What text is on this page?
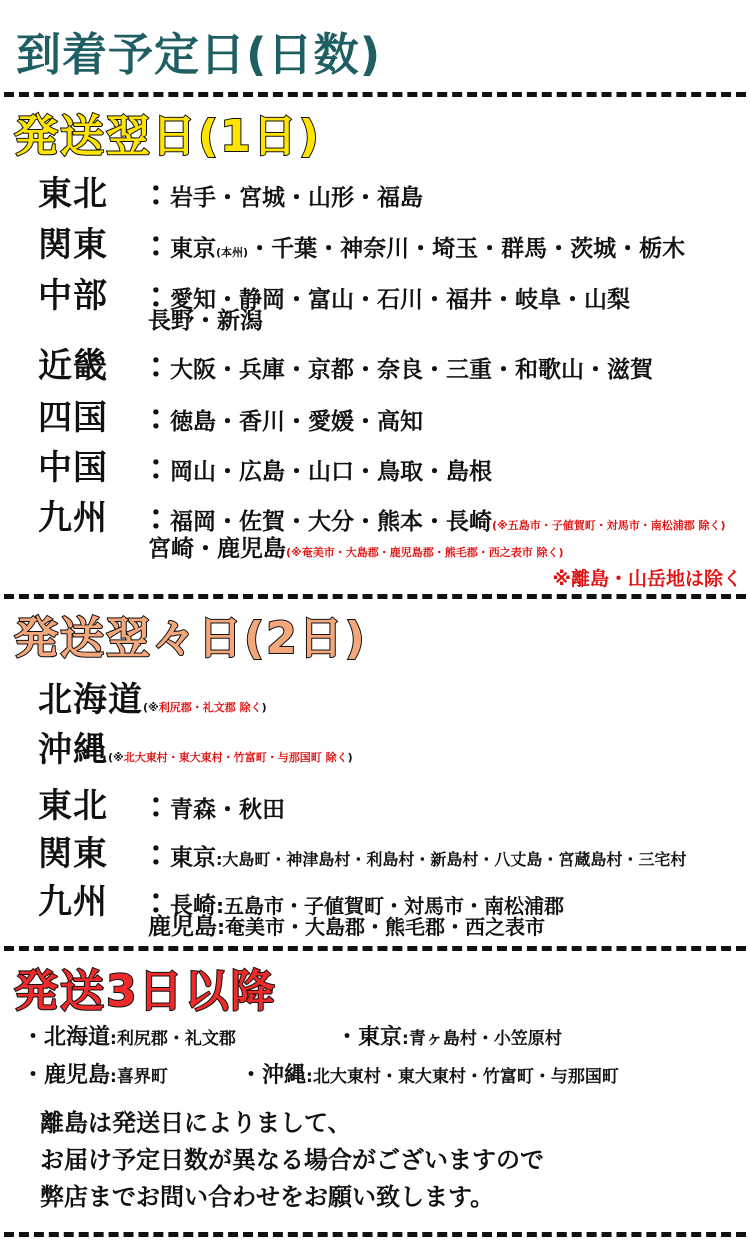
到着予定日(日数)
発送翌日(1日)
東北	：
岩手・宮城・山形・福島
関東	：
東京 (本州) ・千葉・神奈川・埼玉・群馬・茨城・栃木
中部	：
愛知・静岡・富山・石川・福井・岐阜・山梨
長野・新潟
近畿	：
大阪・兵庫・京都・奈良・三重・和歌山・滋賀
四国	：
徳島・香川・愛媛・高知
中国	：
岡山・広島・山口・鳥取・島根
九州	：
福岡・佐賀・大分・熊本・長崎 (※五島市・子値賀町・対馬市・南松浦郡 除く)
宮崎・鹿児島 (※奄美市・大島郡・鹿児島郡・熊毛郡・西之表市 除く)
※離島・山岳地は除く
発送翌々日(2日)
北海道 (※ 利尻郡・礼文郡 除く )
沖縄 (※ 北大東村・東大東村・竹富町・与那国町 除く )
東北	：
青森・秋田
関東	：
東京 :大島町・神津島村・利島村・新島村・八丈島・宮蔵島村・三宅村
九州	：
長崎 :五島市・子値賀町・対馬市・南松浦郡
鹿児島 :奄美市・大島郡・熊毛郡・西之表市
発送3日以降
・北海道:利尻郡・礼文郡	・東京:青ヶ島村・小笠原村
・鹿児島:喜界町	・沖縄:北大東村・東大東村・竹富町・与那国町
離島は発送日によりまして、
お届け予定日数が異なる場合がございますので
弊店までお問い合わせをお願い致します。
